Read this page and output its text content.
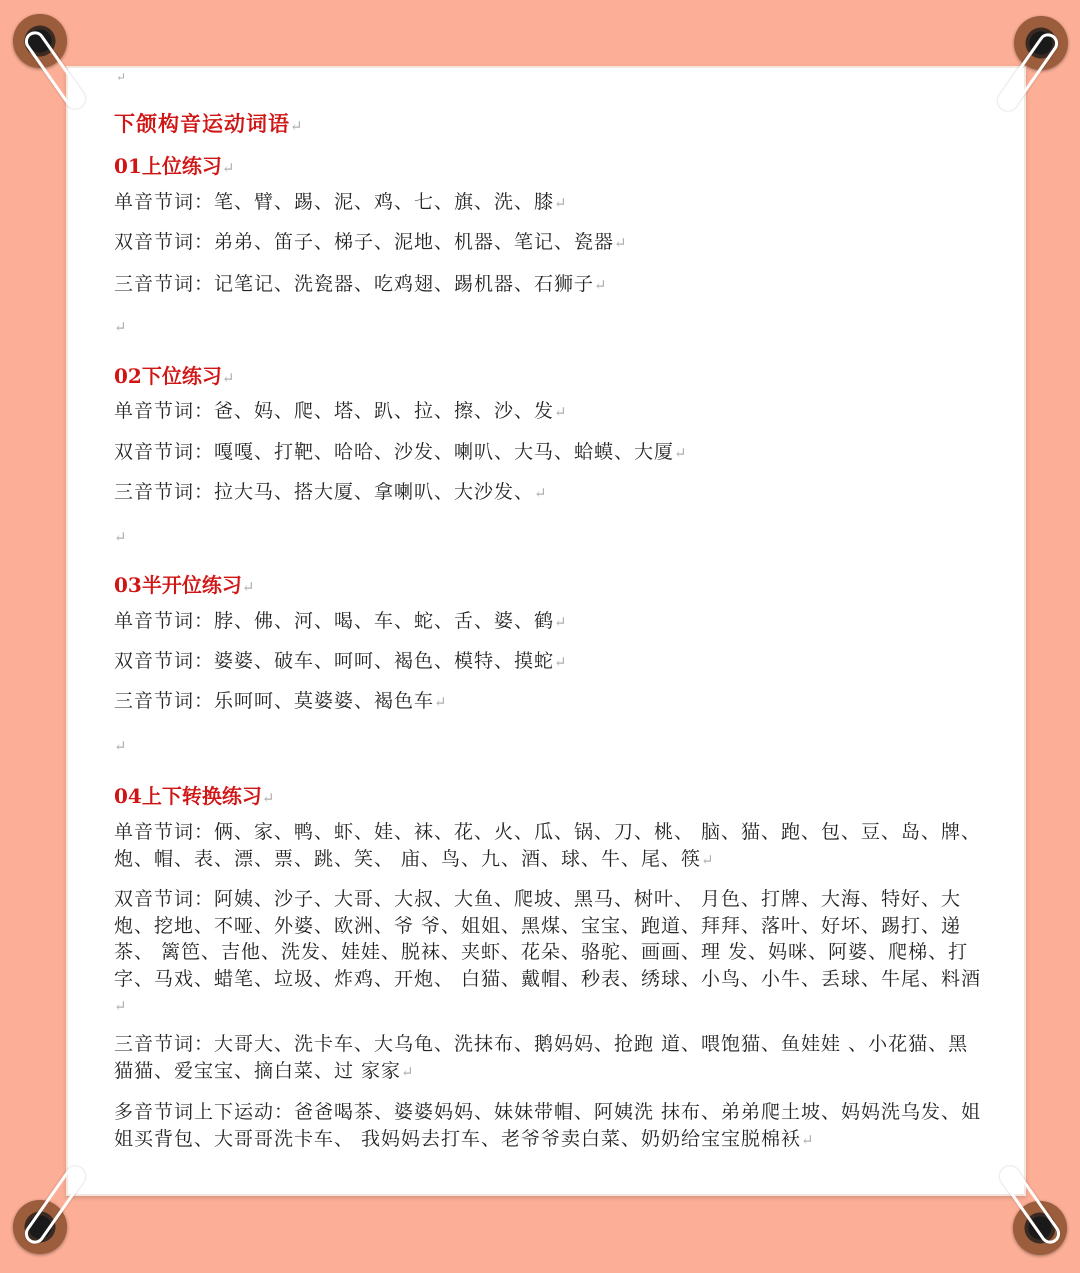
↵
下颌构音运动词语↵
01上位练习↵
单音节词：笔、臂、踢、泥、鸡、七、旗、洗、膝↵
双音节词：弟弟、笛子、梯子、泥地、机器、笔记、瓷器↵
三音节词：记笔记、洗瓷器、吃鸡翅、踢机器、石狮子↵
↵
02下位练习↵
单音节词：爸、妈、爬、塔、趴、拉、擦、沙、发↵
双音节词：嘎嘎、打靶、哈哈、沙发、喇叭、大马、蛤蟆、大厦↵
三音节词：拉大马、搭大厦、拿喇叭、大沙发、↵
↵
03半开位练习↵
单音节词：脖、佛、河、喝、车、蛇、舌、婆、鹤↵
双音节词：婆婆、破车、呵呵、褐色、模特、摸蛇↵
三音节词：乐呵呵、莫婆婆、褐色车↵
↵
04上下转换练习↵
单音节词：俩、家、鸭、虾、娃、袜、花、火、瓜、锅、刀、桃、 脑、猫、跑、包、豆、岛、牌、炮、帽、表、漂、票、跳、笑、 庙、鸟、九、酒、球、牛、尾、筷↵
双音节词：阿姨、沙子、大哥、大叔、大鱼、爬坡、黑马、树叶、 月色、打牌、大海、特好、大炮、挖地、不哑、外婆、欧洲、爷 爷、姐姐、黑煤、宝宝、跑道、拜拜、落叶、好坏、踢打、递茶、 篱笆、吉他、洗发、娃娃、脱袜、夹虾、花朵、骆驼、画画、理 发、妈咪、阿婆、爬梯、打字、马戏、蜡笔、垃圾、炸鸡、开炮、 白猫、戴帽、秒表、绣球、小鸟、小牛、丢球、牛尾、料酒↵
三音节词：大哥大、洗卡车、大乌龟、洗抹布、鹅妈妈、抢跑 道、喂饱猫、鱼娃娃 、小花猫、黑猫猫、爱宝宝、摘白菜、过 家家↵
多音节词上下运动：爸爸喝茶、婆婆妈妈、妹妹带帽、阿姨洗 抹布、弟弟爬土坡、妈妈洗乌发、姐姐买背包、大哥哥洗卡车、 我妈妈去打车、老爷爷卖白菜、奶奶给宝宝脱棉袄↵
